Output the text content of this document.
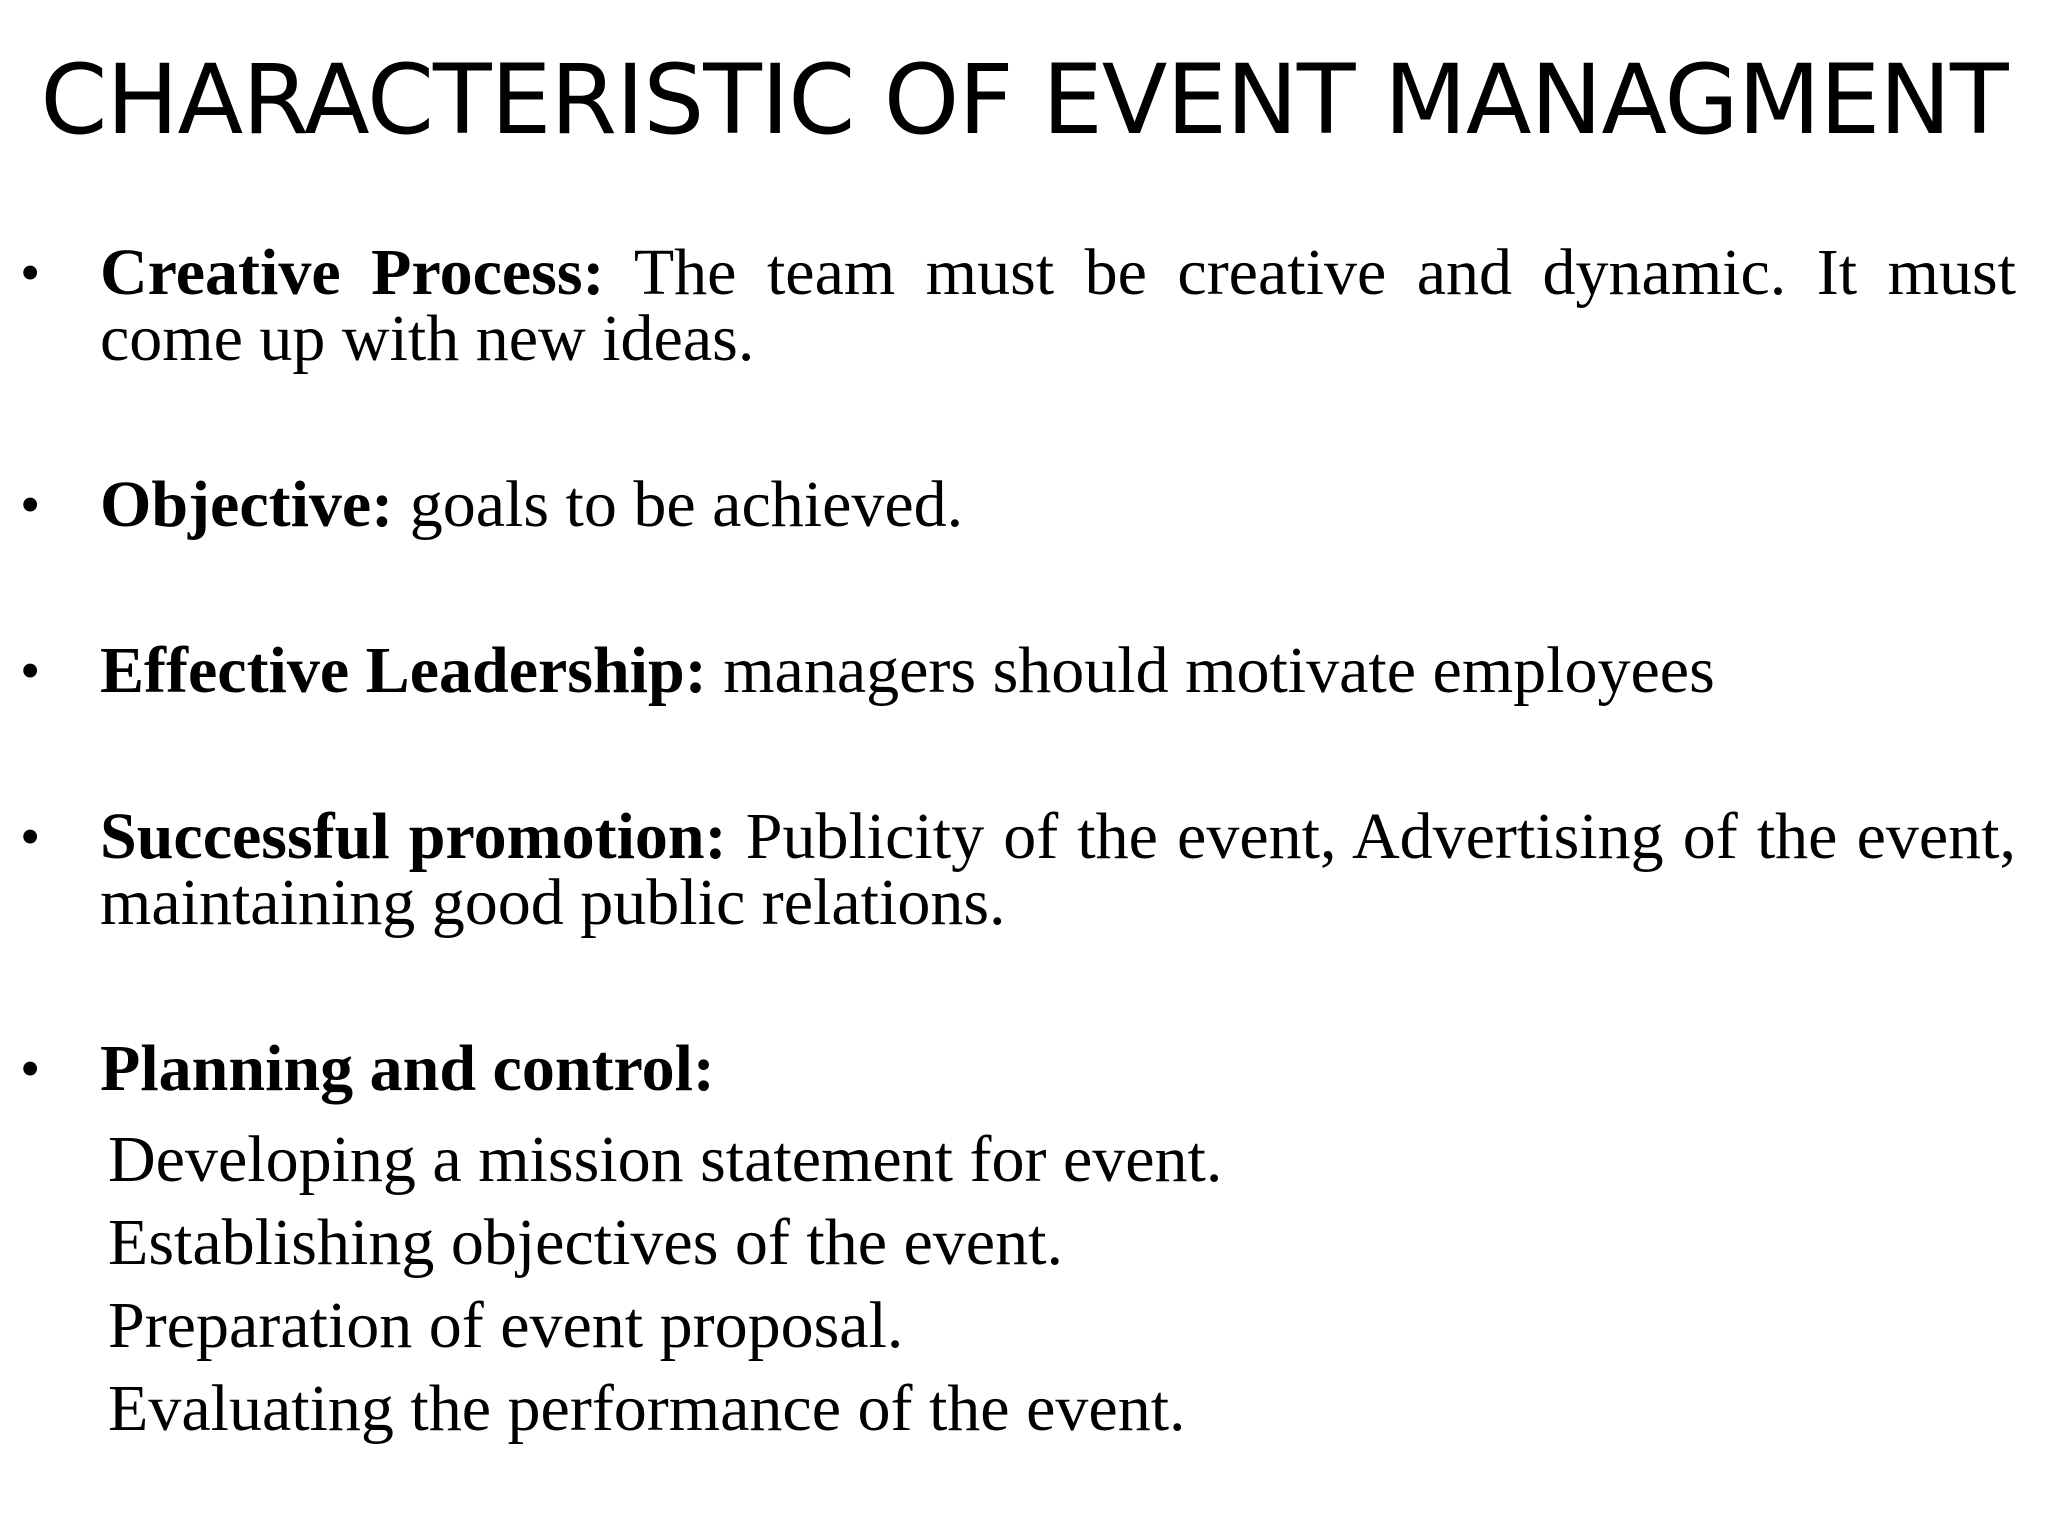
CHARACTERISTIC OF EVENT MANAGMENT
• Creative Process: The team must be creative and dynamic. It must come up with new ideas.
• Objective: goals to be achieved.
• Effective Leadership: managers should motivate employees
• Successful promotion: Publicity of the event, Advertising of the event, maintaining good public relations.
• Planning and control:
Developing a mission statement for event.
Establishing objectives of the event.
Preparation of event proposal.
Evaluating the performance of the event.
